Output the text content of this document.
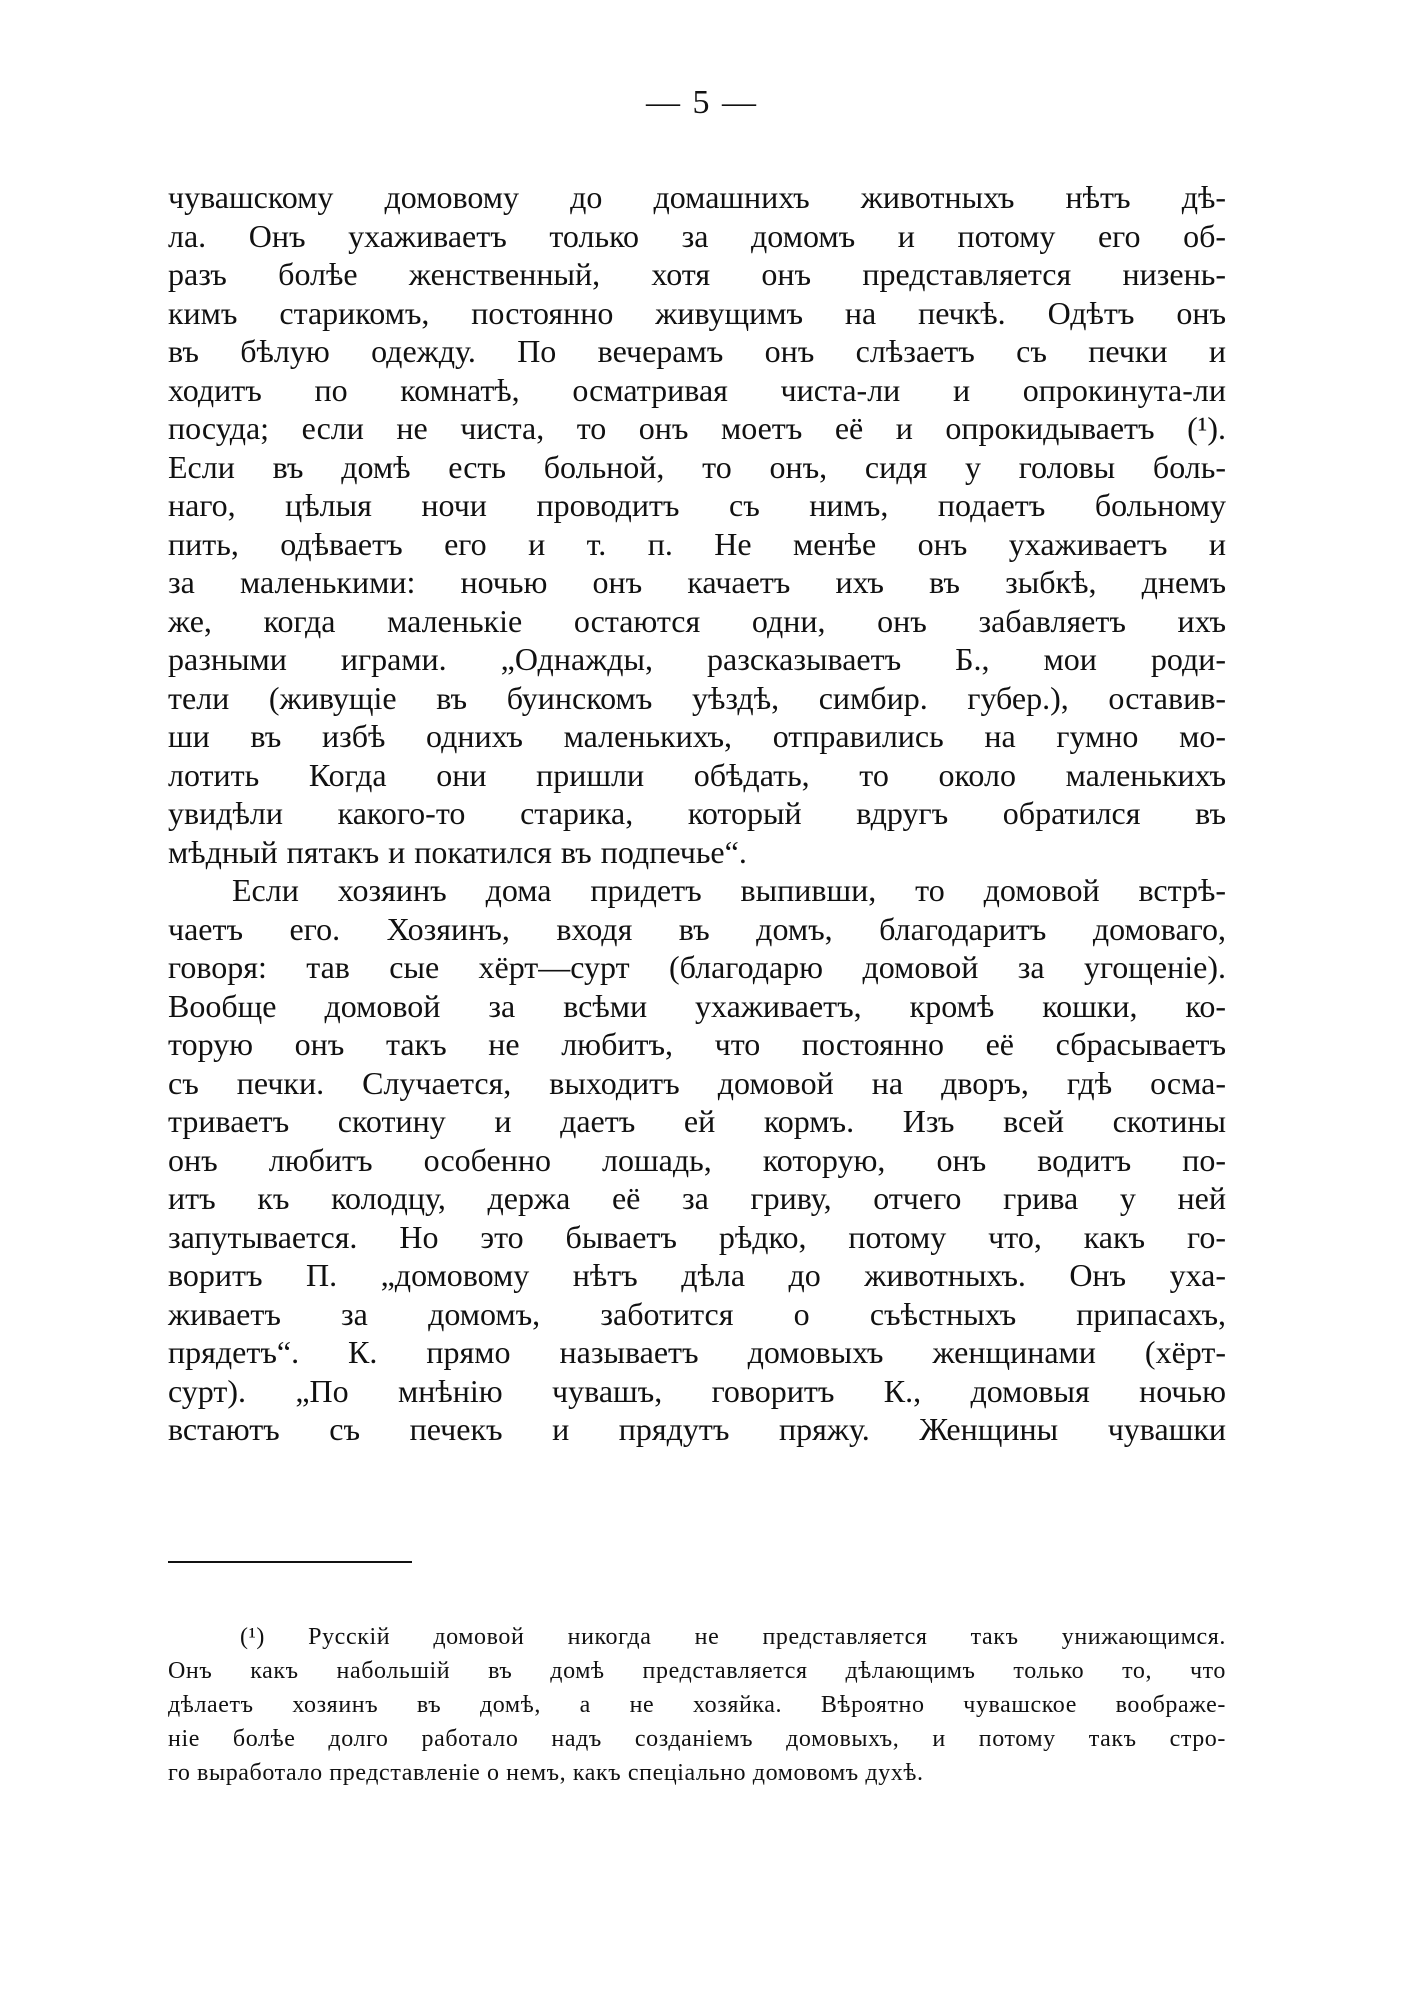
— 5 —
чувашскому домовому до домашнихъ животныхъ нѣтъ дѣ-
ла. Онъ ухаживаетъ только за домомъ и потому его об-
разъ болѣе женственный, хотя онъ представляется низень-
кимъ старикомъ, постоянно живущимъ на печкѣ. Одѣтъ онъ
въ бѣлую одежду. По вечерамъ онъ слѣзаетъ съ печки и
ходитъ по комнатѣ, осматривая чиста-ли и опрокинута-ли
посуда; если не чиста, то онъ моетъ её и опрокидываетъ (¹).
Если въ домѣ есть больной, то онъ, сидя у головы боль-
наго, цѣлыя ночи проводитъ съ нимъ, подаетъ больному
пить, одѣваетъ его и т. п. Не менѣе онъ ухаживаетъ и
за маленькими: ночью онъ качаетъ ихъ въ зыбкѣ, днемъ
же, когда маленькіе остаются одни, онъ забавляетъ ихъ
разными играми. „Однажды, разсказываетъ Б., мои роди-
тели (живущіе въ буинскомъ уѣздѣ, симбир. губер.), оставив-
ши въ избѣ однихъ маленькихъ, отправились на гумно мо-
лотить Когда они пришли обѣдать, то около маленькихъ
увидѣли какого-то старика, который вдругъ обратился въ
мѣдный пятакъ и покатился въ подпечье“.
Если хозяинъ дома придетъ выпивши, то домовой встрѣ-
чаетъ его. Хозяинъ, входя въ домъ, благодаритъ домоваго,
говоря: тав сые хёрт—сурт (благодарю домовой за угощеніе).
Вообще домовой за всѣми ухаживаетъ, кромѣ кошки, ко-
торую онъ такъ не любитъ, что постоянно её сбрасываетъ
съ печки. Случается, выходитъ домовой на дворъ, гдѣ осма-
триваетъ скотину и даетъ ей кормъ. Изъ всей скотины
онъ любитъ особенно лошадь, которую, онъ водитъ по-
итъ къ колодцу, держа её за гриву, отчего грива у ней
запутывается. Но это бываетъ рѣдко, потому что, какъ го-
воритъ П. „домовому нѣтъ дѣла до животныхъ. Онъ уха-
живаетъ за домомъ, заботится о съѣстныхъ припасахъ,
прядетъ“. К. прямо называетъ домовыхъ женщинами (хёрт-
сурт). „По мнѣнію чувашъ, говоритъ К., домовыя ночью
встаютъ съ печекъ и прядутъ пряжу. Женщины чувашки
(¹) Русскій домовой никогда не представляется такъ унижающимся.
Онъ какъ набольшій въ домѣ представляется дѣлающимъ только то, что
дѣлаетъ хозяинъ въ домѣ, а не хозяйка. Вѣроятно чувашское воображе-
ніе болѣе долго работало надъ созданіемъ домовыхъ, и потому такъ стро-
го выработало представленіе о немъ, какъ спеціально домовомъ духѣ.
